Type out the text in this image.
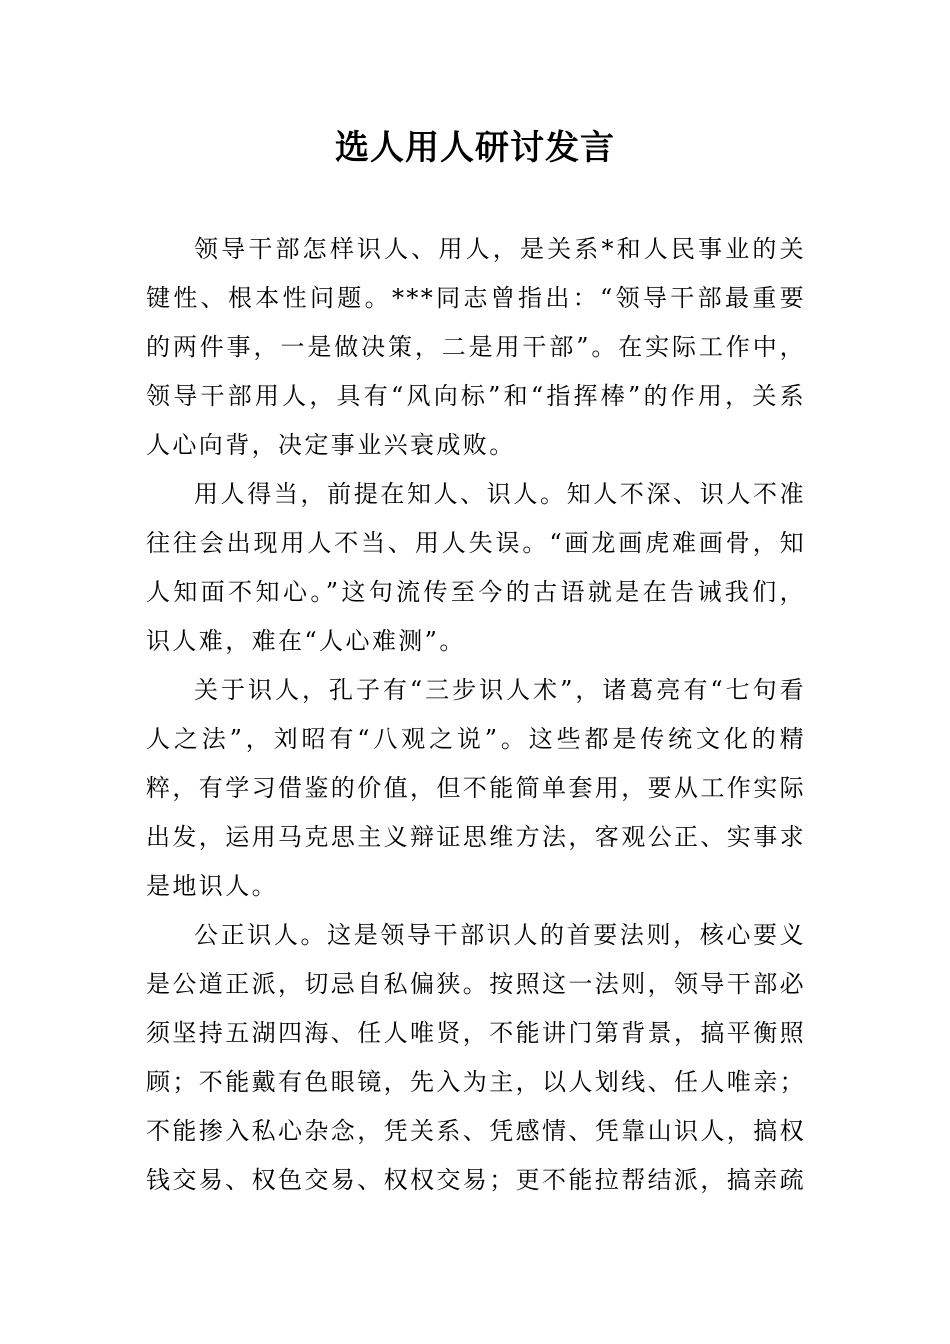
选人用人研讨发言

领导干部怎样识人、用人，是关系*和人民事业的关键性、根本性问题。***同志曾指出：“领导干部最重要的两件事，一是做决策，二是用干部”。在实际工作中，领导干部用人，具有“风向标”和“指挥棒”的作用，关系人心向背，决定事业兴衰成败。

用人得当，前提在知人、识人。知人不深、识人不准往往会出现用人不当、用人失误。“画龙画虎难画骨，知人知面不知心。”这句流传至今的古语就是在告诫我们，识人难，难在“人心难测”。

关于识人，孔子有“三步识人术”，诸葛亮有“七句看人之法”，刘昭有“八观之说”。这些都是传统文化的精粹，有学习借鉴的价值，但不能简单套用，要从工作实际出发，运用马克思主义辩证思维方法，客观公正、实事求是地识人。

公正识人。这是领导干部识人的首要法则，核心要义是公道正派，切忌自私偏狭。按照这一法则，领导干部必须坚持五湖四海、任人唯贤，不能讲门第背景，搞平衡照顾；不能戴有色眼镜，先入为主，以人划线、任人唯亲；不能掺入私心杂念，凭关系、凭感情、凭靠山识人，搞权钱交易、权色交易、权权交易；更不能拉帮结派，搞亲疏
